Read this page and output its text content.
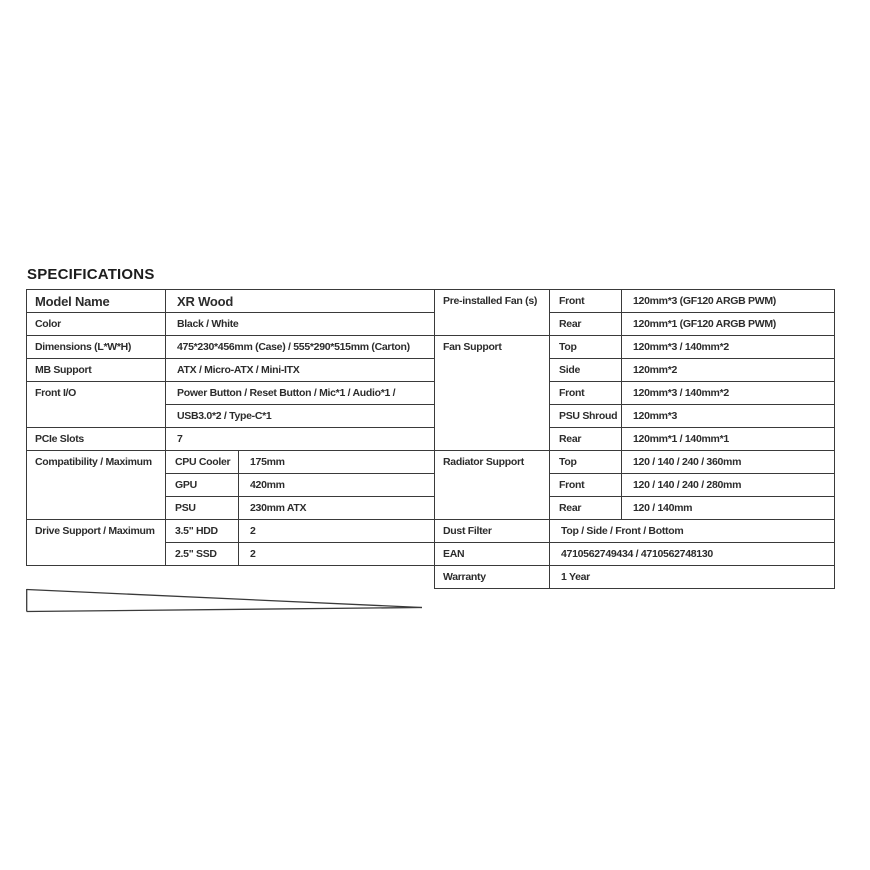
SPECIFICATIONS
Model Name	XR Wood	
Color	Black / White	
Dimensions (L*W*H)	475*230*456mm (Case) / 555*290*515mm (Carton)	
MB Support	ATX / Micro-ATX / Mini-ITX	
Front I/O	Power Button / Reset Button / Mic*1 / Audio*1 /	
	USB3.0*2 / Type-C*1	
PCIe Slots	7	
Compatibility / Maximum	CPU Cooler	175mm
	GPU	420mm
	PSU	230mm ATX
Drive Support / Maximum	3.5" HDD	2
	2.5" SSD	2
Pre-installed Fan (s)	Front	120mm*3 (GF120 ARGB PWM)
	Rear	120mm*1 (GF120 ARGB PWM)
Fan Support	Top	120mm*3 / 140mm*2
	Side	120mm*2
	Front	120mm*3 / 140mm*2
	PSU Shroud	120mm*3
	Rear	120mm*1 / 140mm*1
Radiator Support	Top	120 / 140 / 240 / 360mm
	Front	120 / 140 / 240 / 280mm
	Rear	120 / 140mm
Dust Filter	Top / Side / Front / Bottom	
EAN	4710562749434 / 4710562748130	
Warranty	1 Year	
